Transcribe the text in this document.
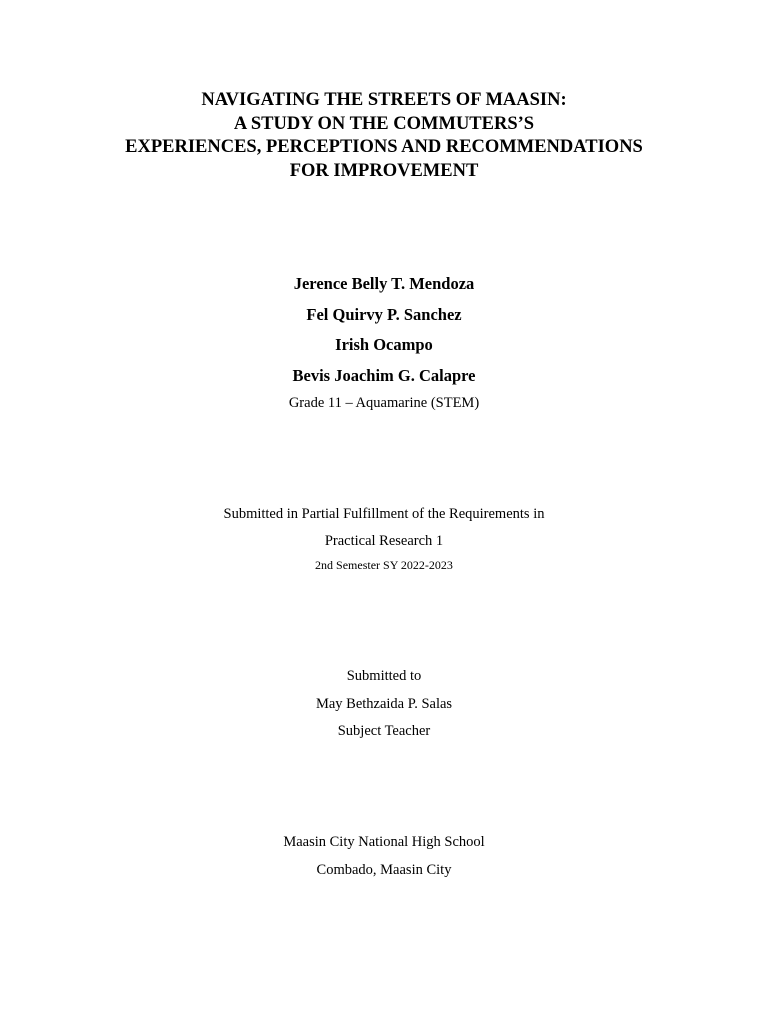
NAVIGATING THE STREETS OF MAASIN:
A STUDY ON THE COMMUTERS’S
EXPERIENCES, PERCEPTIONS AND RECOMMENDATIONS
FOR IMPROVEMENT
Jerence Belly T. Mendoza
Fel Quirvy P. Sanchez
Irish Ocampo
Bevis Joachim G. Calapre
Grade 11 – Aquamarine (STEM)
Submitted in Partial Fulfillment of the Requirements in
Practical Research 1
2nd Semester SY 2022-2023
Submitted to
May Bethzaida P. Salas
Subject Teacher
Maasin City National High School
Combado, Maasin City
